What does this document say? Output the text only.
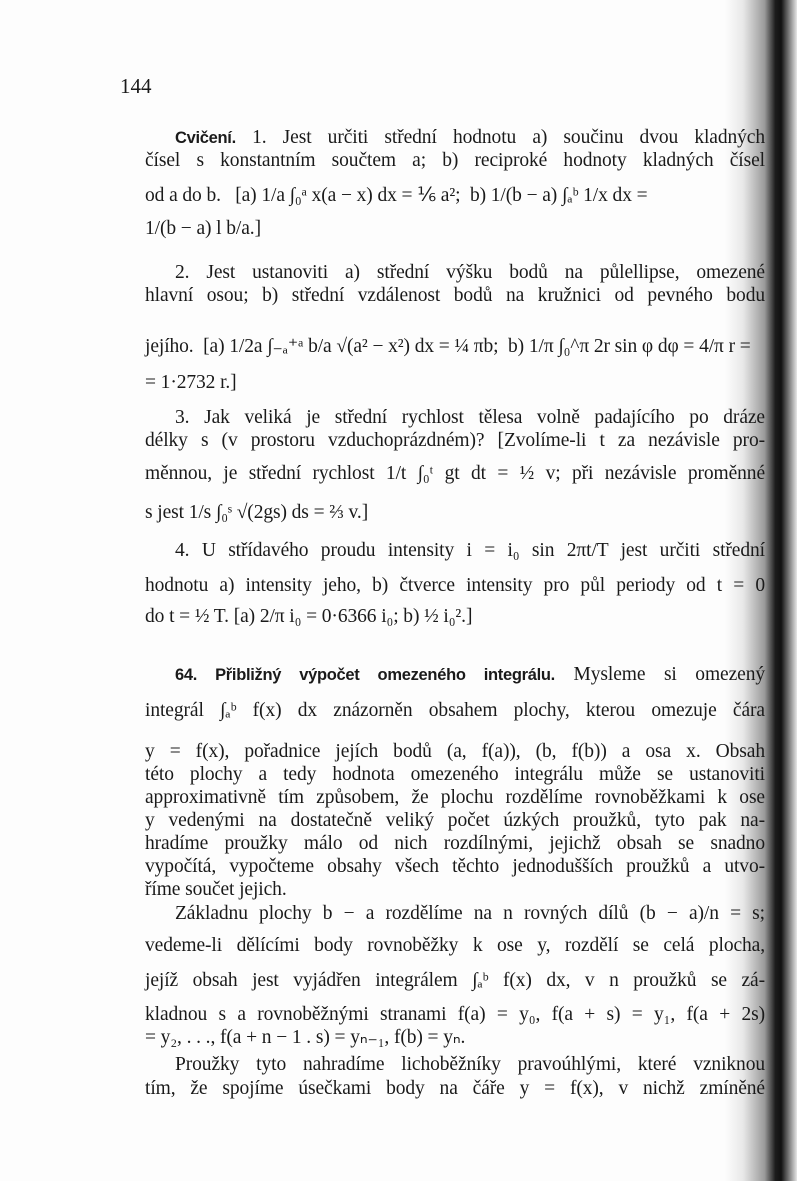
144
Cvičení. 1. Jest určiti střední hodnotu a) součinu dvou kladných
čísel s konstantním součtem a; b) reciproké hodnoty kladných čísel
od a do b. [a) 1/a ∫₀ᵃ x(a − x) dx = ⅙ a²; b) 1/(b − a) ∫ₐᵇ 1/x dx =
1/(b − a) l b/a.]
2. Jest ustanoviti a) střední výšku bodů na půlellipse, omezené
hlavní osou; b) střední vzdálenost bodů na kružnici od pevného bodu
jejího. [a) 1/2a ∫₋ₐ⁺ᵃ b/a √(a² − x²) dx = ¼ πb; b) 1/π ∫₀^π 2r sin φ dφ = 4/π r =
= 1·2732 r.]
3. Jak veliká je střední rychlost tělesa volně padajícího po dráze
délky s (v prostoru vzduchoprázdném)? [Zvolíme-li t za nezávisle pro-
měnnou, je střední rychlost 1/t ∫₀ᵗ gt dt = ½ v; při nezávisle proměnné
s jest 1/s ∫₀ˢ √(2gs) ds = ⅔ v.]
4. U střídavého proudu intensity i = i₀ sin 2πt/T jest určiti střední
hodnotu a) intensity jeho, b) čtverce intensity pro půl periody od t = 0
do t = ½ T. [a) 2/π i₀ = 0·6366 i₀; b) ½ i₀².]
64. Přibližný výpočet omezeného integrálu. Mysleme si omezený
integrál ∫ₐᵇ f(x) dx znázorněn obsahem plochy, kterou omezuje čára
y = f(x), pořadnice jejích bodů (a, f(a)), (b, f(b)) a osa x. Obsah
této plochy a tedy hodnota omezeného integrálu může se ustanoviti
approximativně tím způsobem, že plochu rozdělíme rovnoběžkami k ose
y vedenými na dostatečně veliký počet úzkých proužků, tyto pak na-
hradíme proužky málo od nich rozdílnými, jejichž obsah se snadno
vypočítá, vypočteme obsahy všech těchto jednodušších proužků a utvo-
říme součet jejich.
Základnu plochy b − a rozdělíme na n rovných dílů (b − a)/n = s;
vedeme-li dělícími body rovnoběžky k ose y, rozdělí se celá plocha,
jejíž obsah jest vyjádřen integrálem ∫ₐᵇ f(x) dx, v n proužků se zá-
kladnou s a rovnoběžnými stranami f(a) = y₀, f(a + s) = y₁, f(a + 2s)
= y₂, . . ., f(a + n − 1 . s) = yₙ₋₁, f(b) = yₙ.
Proužky tyto nahradíme lichoběžníky pravoúhlými, které vzniknou
tím, že spojíme úsečkami body na čáře y = f(x), v nichž zmíněné
